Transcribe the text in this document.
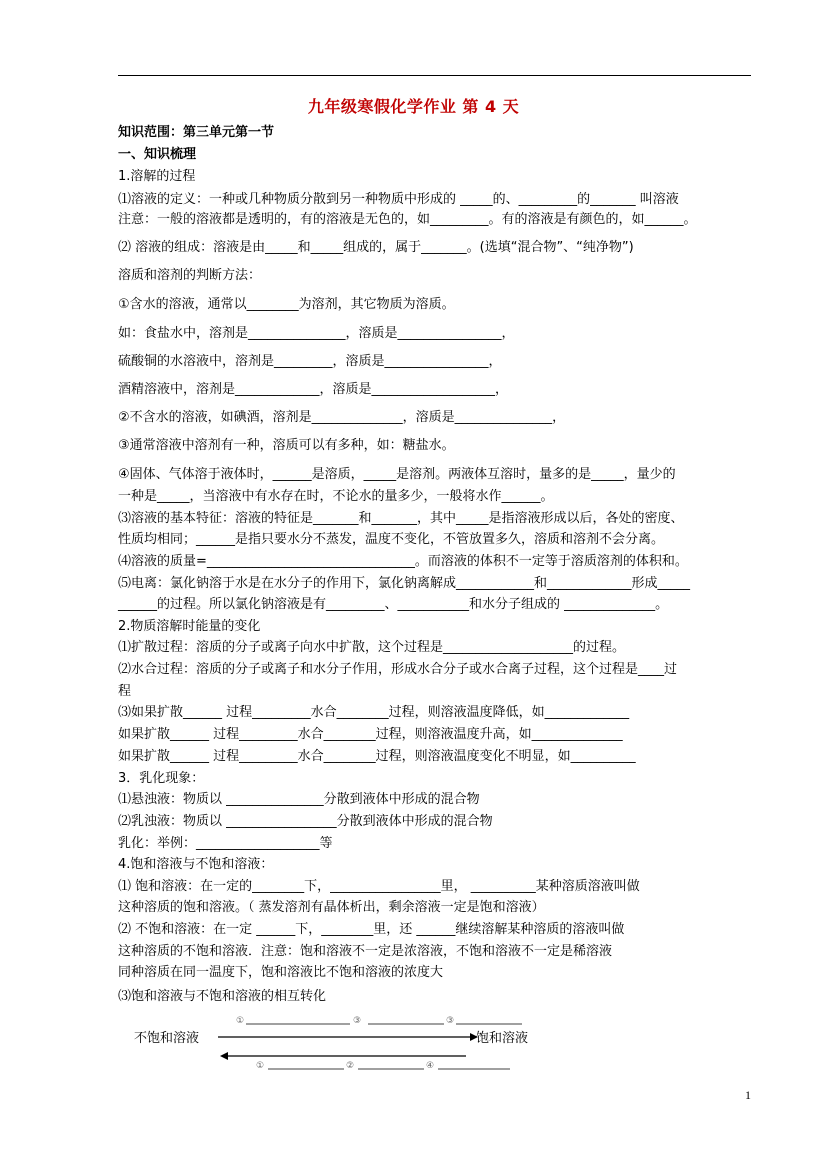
九年级寒假化学作业 第 4 天
知识范围：第三单元第一节
一、知识梳理
1.溶解的过程
⑴溶液的定义：一种或几种物质分散到另一种物质中形成的 _____的、_________的_______ 叫溶液
注意：一般的溶液都是透明的，有的溶液是无色的，如_________。有的溶液是有颜色的，如______。
⑵ 溶液的组成：溶液是由_____和_____组成的，属于_______。(选填“混合物”、“纯净物”)
溶质和溶剂的判断方法：
①含水的溶液，通常以________为溶剂，其它物质为溶质。
如：食盐水中，溶剂是_______________，溶质是________________，
硫酸铜的水溶液中，溶剂是_________，溶质是________________，
酒精溶液中，溶剂是_____________，溶质是___________________，
②不含水的溶液，如碘酒，溶剂是______________，溶质是_______________，
③通常溶液中溶剂有一种，溶质可以有多种，如：糖盐水。
④固体、气体溶于液体时，______是溶质，_____是溶剂。两液体互溶时，量多的是_____，量少的
一种是_____，当溶液中有水存在时，不论水的量多少，一般将水作______。
⑶溶液的基本特征：溶液的特征是_______和_______，其中_____是指溶液形成以后，各处的密度、
性质均相同；______是指只要水分不蒸发，温度不变化，不管放置多久，溶质和溶剂不会分离。
⑷溶液的质量=________________________________。而溶液的体积不一定等于溶质溶剂的体积和。
⑸电离：氯化钠溶于水是在水分子的作用下，氯化钠离解成____________和_____________形成_____
______的过程。所以氯化钠溶液是有_________、___________和水分子组成的 ______________。
2.物质溶解时能量的变化
⑴扩散过程：溶质的分子或离子向水中扩散，这个过程是____________________的过程。
⑵水合过程：溶质的分子或离子和水分子作用，形成水合分子或水合离子过程，这个过程是____过
程
⑶如果扩散______ 过程_________水合________过程，则溶液温度降低，如_____________
如果扩散______ 过程_________水合________过程，则溶液温度升高，如______________
如果扩散______ 过程_________水合________过程，则溶液温度变化不明显，如__________
3．乳化现象：
⑴悬浊液：物质以 _______________分散到液体中形成的混合物
⑵乳浊液：物质以 _________________分散到液体中形成的混合物
乳化：举例：___________________等
4.饱和溶液与不饱和溶液：
⑴ 饱和溶液：在一定的________下，_________________里， __________某种溶质溶液叫做
这种溶质的饱和溶液。（ 蒸发溶剂有晶体析出，剩余溶液一定是饱和溶液）
⑵ 不饱和溶液：在一定 ______下，________里，还 ______继续溶解某种溶质的溶液叫做
这种溶质的不饱和溶液．注意：饱和溶液不一定是浓溶液，不饱和溶液不一定是稀溶液
同种溶质在同一温度下，饱和溶液比不饱和溶液的浓度大
⑶饱和溶液与不饱和溶液的相互转化
①	③	③
不饱和溶液	饱和溶液
①	②	④
1
